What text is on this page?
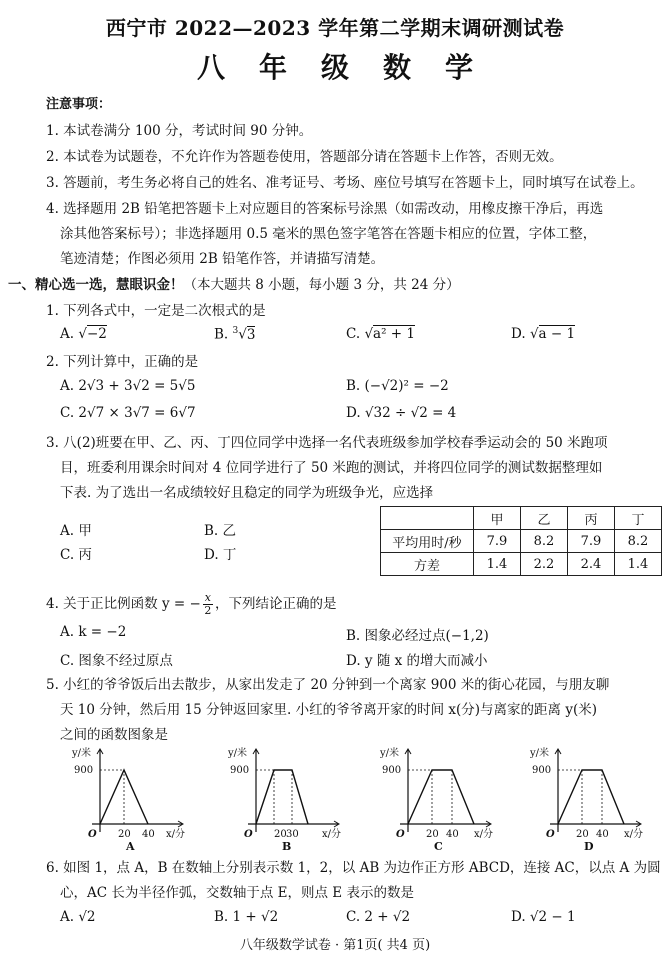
西宁市 2022—2023 学年第二学期末调研测试卷
八年级数学
注意事项：
1. 本试卷满分 100 分，考试时间 90 分钟。
2. 本试卷为试题卷，不允许作为答题卷使用，答题部分请在答题卡上作答，否则无效。
3. 答题前，考生务必将自己的姓名、准考证号、考场、座位号填写在答题卡上，同时填写在试卷上。
4. 选择题用 2B 铅笔把答题卡上对应题目的答案标号涂黑（如需改动，用橡皮擦干净后，再选
涂其他答案标号）；非选择题用 0.5 毫米的黑色签字笔答在答题卡相应的位置，字体工整，
笔迹清楚；作图必须用 2B 铅笔作答，并请描写清楚。
一、精心选一选，慧眼识金！（本大题共 8 小题，每小题 3 分，共 24 分）
1. 下列各式中，一定是二次根式的是
A. √−2	B. $^3$√3	C. √a² + 1	D. √a − 1
2. 下列计算中，正确的是
A. 2√3 + 3√2 = 5√5	B. (−√2)² = −2
C. 2√7 × 3√7 = 6√7	D. √32 ÷ √2 = 4
3. 八(2)班要在甲、乙、丙、丁四位同学中选择一名代表班级参加学校春季运动会的 50 米跑项
目，班委利用课余时间对 4 位同学进行了 50 米跑的测试，并将四位同学的测试数据整理如
下表. 为了选出一名成绩较好且稳定的同学为班级争光，应选择
A. 甲	B. 乙
C. 丙	D. 丁
	甲	乙	丙	丁
平均用时/秒	7.9	8.2	7.9	8.2
方差	1.4	2.2	2.4	1.4
4. 关于正比例函数 y = − $\frac{x}{2}$ ，下列结论正确的是
A. k = −2	B. 图象必经过点(−1,2)
C. 图象不经过原点	D. y 随 x 的增大而减小
5. 小红的爷爷饭后出去散步，从家出发走了 20 分钟到一个离家 900 米的街心花园，与朋友聊
天 10 分钟，然后用 15 分钟返回家里. 小红的爷爷离开家的时间 x(分)与离家的距离 y(米)
之间的函数图象是
y/米
900
O 20 40 x/分
A
y/米
900
O 20 30 x/分
B
y/米
900
O 20 40 x/分
C
y/米
900
O 20 40 x/分
D
6. 如图 1，点 A，B 在数轴上分别表示数 1，2，以 AB 为边作正方形 ABCD，连接 AC，以点 A 为圆
心，AC 长为半径作弧，交数轴于点 E，则点 E 表示的数是
A. √2	B. 1 + √2	C. 2 + √2	D. √2 − 1
八年级数学试卷 · 第1页( 共4 页)
